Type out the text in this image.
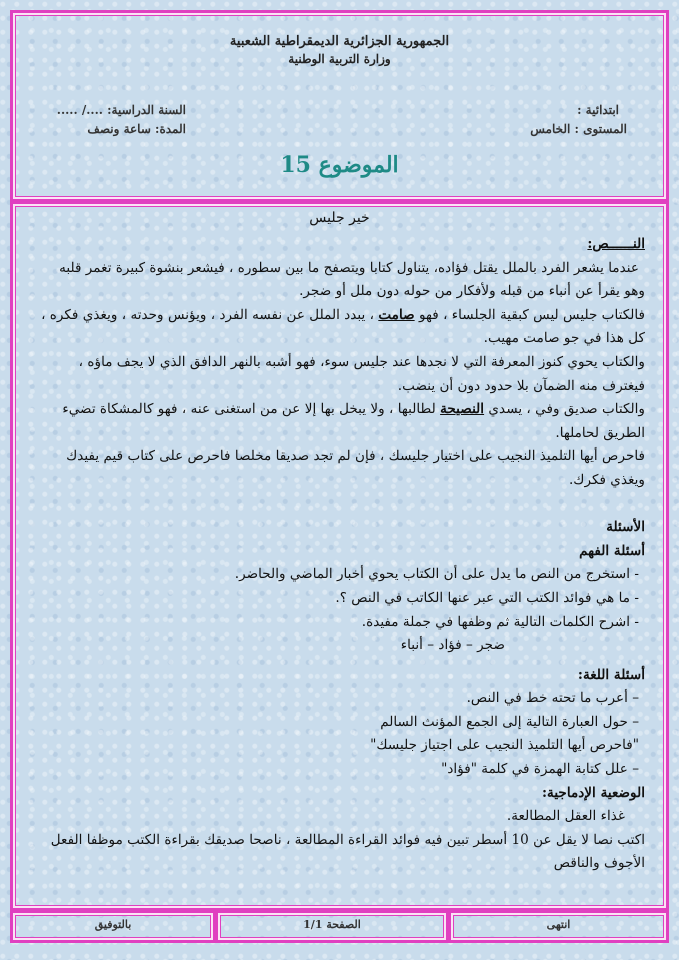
انتهى
الصفحة 1/1
بالتوفيق
الجمهورية الجزائرية الديمقراطية الشعبية
وزارة التربية الوطنية
ابتدائية :
المستوى : الخامس
السنة الدراسية: ..../ .....
المدة: ساعة ونصف
الموضوع 15
خير جليس

النــــــص:

عندما يشعر الفرد بالملل يقتل فؤاده، يتناول كتابا ويتصفح ما بين سطوره ، فيشعر بنشوة كبيرة تغمر قلبه

وهو يقرأ عن أنباء من قبله ولأفكار من حوله دون ملل أو ضجر.

فالكتاب جليس ليس كبقية الجلساء ، فهو صامت ، يبدد الملل عن نفسه الفرد ، ويؤنس وحدته ، ويغذي فكره ،

كل هذا في جو صامت مهيب.

والكتاب يحوي كنوز المعرفة التي لا نجدها عند جليس سوء، فهو أشبه بالنهر الدافق الذي لا يجف ماؤه ،

فيغترف منه الضمآن بلا حدود دون أن ينضب.

والكتاب صديق وفي ، يسدي النصيحة لطالبها ، ولا يبخل بها إلا عن من استغنى عنه ، فهو كالمشكاة تضيء

الطريق لحاملها.

فاحرص أيها التلميذ النجيب على اختيار جليسك ، فإن لم تجد صديقا مخلصا فاحرص على كتاب قيم يفيدك

ويغذي فكرك.

الأسئلة

أسئلة الفهم

- استخرج من النص ما يدل على أن الكتاب يحوي أخبار الماضي والحاضر.

- ما هي فوائد الكتب التي عبر عنها الكاتب في النص ؟.

- اشرح الكلمات التالية ثم وظفها في جملة مفيدة.

ضجر – فؤاد – أنباء

أسئلة اللغة:

– أعرب ما تحته خط في النص.

– حول العبارة التالية إلى الجمع المؤنث السالم

"فاحرص أيها التلميذ النجيب على اجتياز جليسك"

– علل كتابة الهمزة في كلمة "فؤاد"

الوضعية الإدماجية:

غذاء العقل المطالعة.

اكتب نصا لا يقل عن 10 أسطر تبين فيه فوائد القراءة المطالعة ، ناصحا صديقك بقراءة الكتب موظفا الفعل

الأجوف والناقص
